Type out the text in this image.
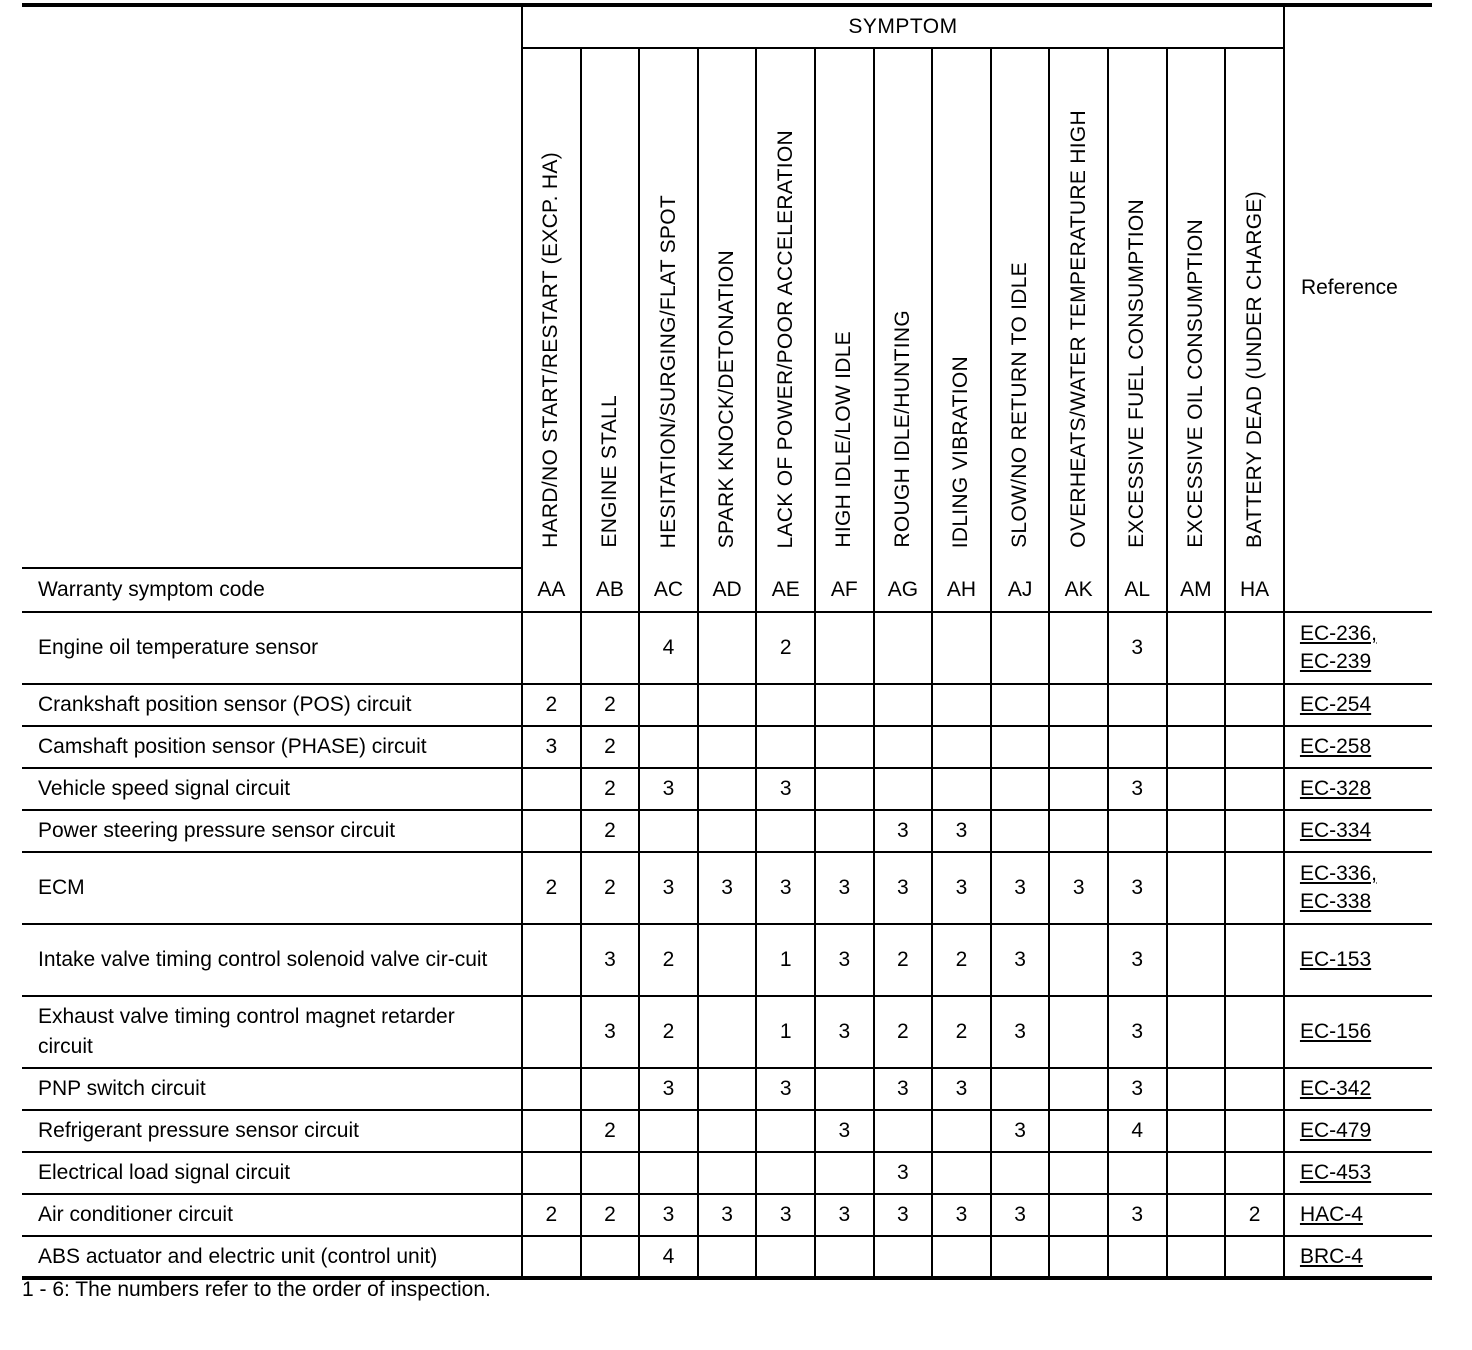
	SYMPTOM													Reference
	HARD/NO START/RESTART (EXCP. HA)	ENGINE STALL	HESITATION/SURGING/FLAT SPOT	SPARK KNOCK/DETONATION	LACK OF POWER/POOR ACCELERATION	HIGH IDLE/LOW IDLE	ROUGH IDLE/HUNTING	IDLING VIBRATION	SLOW/NO RETURN TO IDLE	OVERHEATS/WATER TEMPERATURE HIGH	EXCESSIVE FUEL CONSUMPTION	EXCESSIVE OIL CONSUMPTION	BATTERY DEAD (UNDER CHARGE)	
Warranty symptom code	AA	AB	AC	AD	AE	AF	AG	AH	AJ	AK	AL	AM	HA	
Engine oil temperature sensor			4		2						3			EC-236,
EC-239

Crankshaft position sensor (POS) circuit	2	2												EC-254

Camshaft position sensor (PHASE) circuit	3	2												EC-258

Vehicle speed signal circuit		2	3		3						3			EC-328

Power steering pressure sensor circuit		2					3	3						EC-334

ECM	2	2	3	3	3	3	3	3	3	3	3			EC-336,
EC-338

Intake valve timing control solenoid valve cir-cuit		3	2		1	3	2	2	3		3			EC-153

Exhaust valve timing control magnet retarder circuit		3	2		1	3	2	2	3		3			EC-156

PNP switch circuit			3		3		3	3			3			EC-342

Refrigerant pressure sensor circuit		2				3			3		4			EC-479

Electrical load signal circuit							3							EC-453

Air conditioner circuit	2	2	3	3	3	3	3	3	3		3		2	HAC-4

ABS actuator and electric unit (control unit)			4											BRC-4
1 - 6: The numbers refer to the order of inspection.
